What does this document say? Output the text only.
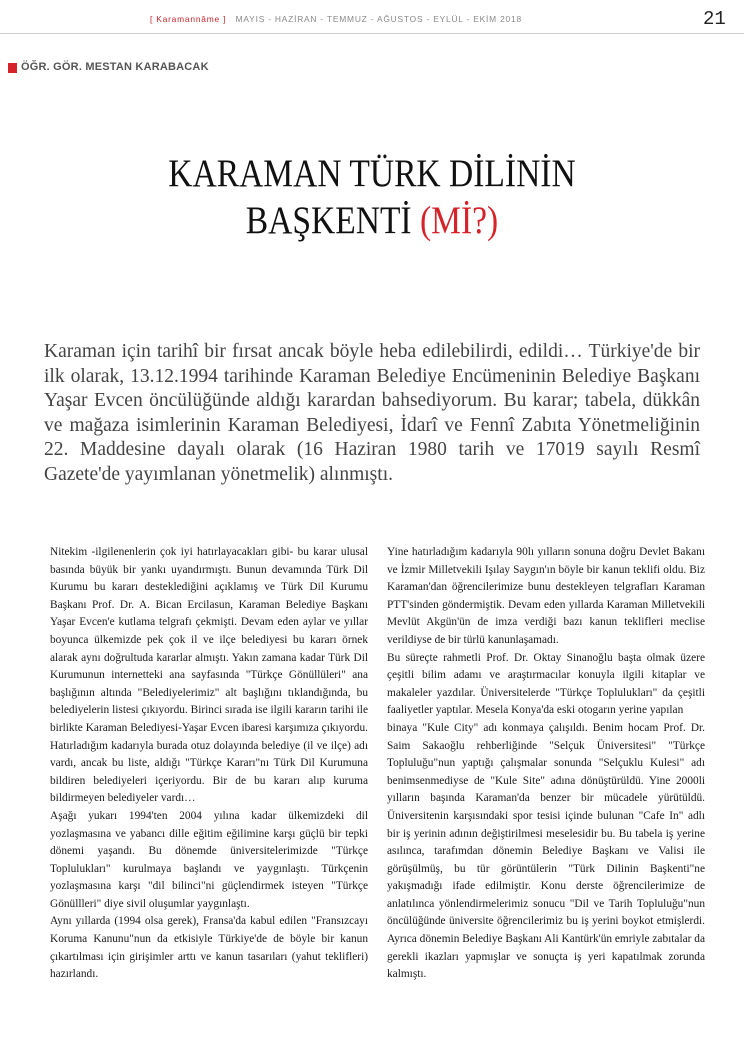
[ Karamannâme ] MAYIS - HAZİRAN - TEMMUZ - AĞUSTOS - EYLÜL - EKİM 2018	21
ÖĞR. GÖR. MESTAN KARABACAK
KARAMAN TÜRK DİLİNİN
BAŞKENTİ (Mİ?)

Karaman için tarihî bir fırsat ancak böyle heba edilebilirdi, edildi… Türkiye'de bir ilk olarak, 13.12.1994 tarihinde Karaman Belediye Encümeninin Belediye Başkanı Yaşar Evcen öncülüğünde aldığı karardan bahsediyorum. Bu karar; tabela, dükkân ve mağaza isimlerinin Karaman Belediyesi, İdarî ve Fennî Zabıta Yönetmeliğinin 22. Maddesine dayalı olarak (16 Haziran 1980 tarih ve 17019 sayılı Resmî Gazete'de yayımlanan yönetmelik) alınmıştı.

Nitekim -ilgilenenlerin çok iyi hatırlayacakları gibi- bu karar ulusal basında büyük bir yankı uyandırmıştı. Bunun devamında Türk Dil Kurumu bu kararı desteklediğini açıklamış ve Türk Dil Kurumu Başkanı Prof. Dr. A. Bican Ercilasun, Karaman Belediye Başkanı Yaşar Evcen'e kutlama telgrafı çekmişti. Devam eden aylar ve yıllar boyunca ülkemizde pek çok il ve ilçe belediyesi bu kararı örnek alarak aynı doğrultuda kararlar almıştı. Yakın zamana kadar Türk Dil Kurumunun internetteki ana sayfasında "Türkçe Gönüllüleri" ana başlığının altında "Belediyelerimiz" alt başlığını tıklandığında, bu belediyelerin listesi çıkıyordu. Birinci sırada ise ilgili kararın tarihi ile birlikte Karaman Belediyesi-Yaşar Evcen ibaresi karşımıza çıkıyordu. Hatırladığım kadarıyla burada otuz dolayında belediye (il ve ilçe) adı vardı, ancak bu liste, aldığı "Türkçe Kararı"nı Türk Dil Kurumuna bildiren belediyeleri içeriyordu. Bir de bu kararı alıp kuruma bildirmeyen belediyeler vardı…

Aşağı yukarı 1994'ten 2004 yılına kadar ülkemizdeki dil yozlaşmasına ve yabancı dille eğitim eğilimine karşı güçlü bir tepki dönemi yaşandı. Bu dönemde üniversitelerimizde "Türkçe Toplulukları" kurulmaya başlandı ve yaygınlaştı. Türkçenin yozlaşmasına karşı "dil bilinci"ni güçlendirmek isteyen "Türkçe Gönüllleri" diye sivil oluşumlar yaygınlaştı.

Aynı yıllarda (1994 olsa gerek), Fransa'da kabul edilen "Fransızcayı Koruma Kanunu"nun da etkisiyle Türkiye'de de böyle bir kanun çıkartılması için girişimler arttı ve kanun tasarıları (yahut teklifleri) hazırlandı.

Yine hatırladığım kadarıyla 90lı yılların sonuna doğru Devlet Bakanı ve İzmir Milletvekili Işılay Saygın'ın böyle bir kanun teklifi oldu. Biz Karaman'dan öğrencilerimize bunu destekleyen telgrafları Karaman PTT'sinden göndermiştik. Devam eden yıllarda Karaman Milletvekili Mevlüt Akgün'ün de imza verdiği bazı kanun teklifleri meclise verildiyse de bir türlü kanunlaşamadı.

Bu süreçte rahmetli Prof. Dr. Oktay Sinanoğlu başta olmak üzere çeşitli bilim adamı ve araştırmacılar konuyla ilgili kitaplar ve makaleler yazdılar. Üniversitelerde "Türkçe Toplulukları" da çeşitli faaliyetler yaptılar. Mesela Konya'da eski otogarın yerine yapılan

binaya "Kule City" adı konmaya çalışıldı. Benim hocam Prof. Dr. Saim Sakaoğlu rehberliğinde "Selçuk Üniversitesi" "Türkçe Topluluğu"nun yaptığı çalışmalar sonunda "Selçuklu Kulesi" adı benimsenmediyse de "Kule Site" adına dönüştürüldü. Yine 2000li yılların başında Karaman'da benzer bir mücadele yürütüldü. Üniversitenin karşısındaki spor tesisi içinde bulunan "Cafe In" adlı bir iş yerinin adının değiştirilmesi meselesidir bu. Bu tabela iş yerine asılınca, tarafımdan dönemin Belediye Başkanı ve Valisi ile görüşülmüş, bu tür görüntülerin "Türk Dilinin Başkenti"ne yakışmadığı ifade edilmiştir. Konu derste öğrencilerimize de anlatılınca yönlendirmelerimiz sonucu "Dil ve Tarih Topluluğu"nun öncülüğünde üniversite öğrencilerimiz bu iş yerini boykot etmişlerdi. Ayrıca dönemin Belediye Başkanı Ali Kantürk'ün emriyle zabıtalar da gerekli ikazları yapmışlar ve sonuçta iş yeri kapatılmak zorunda kalmıştı.
